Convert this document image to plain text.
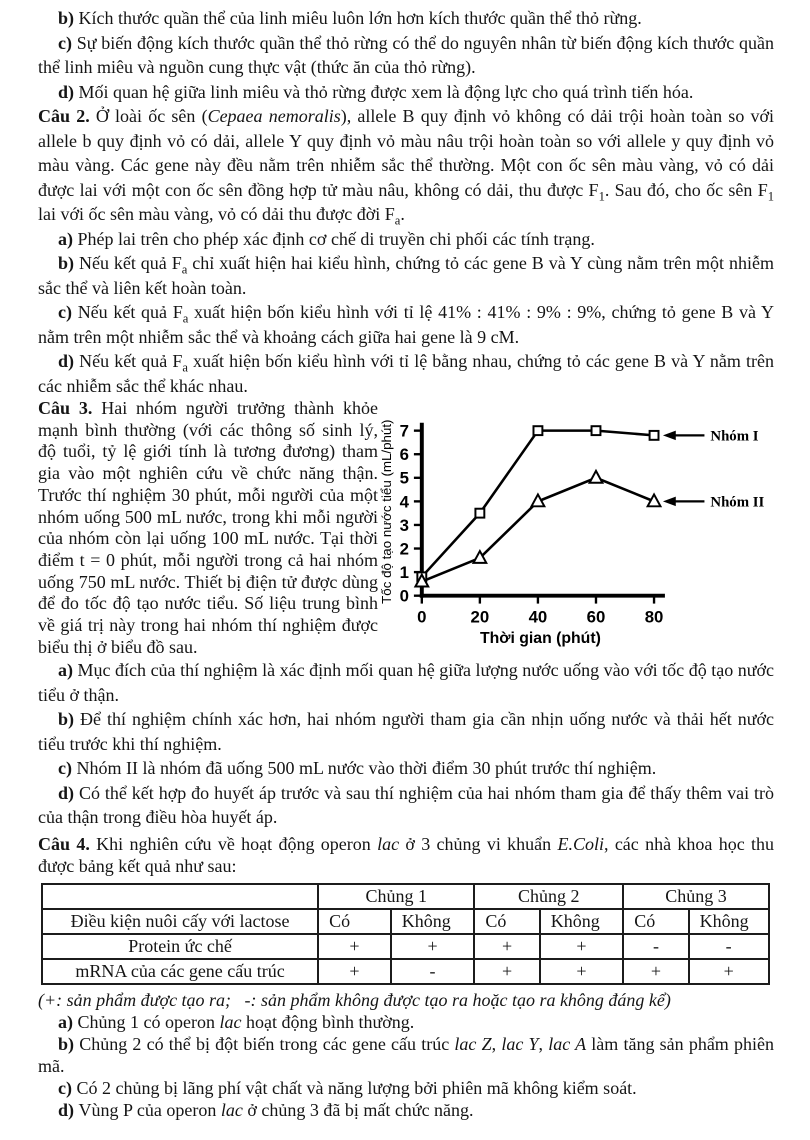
b) Kích thước quần thể của linh miêu luôn lớn hơn kích thước quần thể thỏ rừng.

c) Sự biến động kích thước quần thể thỏ rừng có thể do nguyên nhân từ biến động kích thước quần thể linh miêu và nguồn cung thực vật (thức ăn của thỏ rừng).

d) Mối quan hệ giữa linh miêu và thỏ rừng được xem là động lực cho quá trình tiến hóa.

Câu 2. Ở loài ốc sên (Cepaea nemoralis), allele B quy định vỏ không có dải trội hoàn toàn so với allele b quy định vỏ có dải, allele Y quy định vỏ màu nâu trội hoàn toàn so với allele y quy định vỏ màu vàng. Các gene này đều nằm trên nhiễm sắc thể thường. Một con ốc sên màu vàng, vỏ có dải được lai với một con ốc sên đồng hợp tử màu nâu, không có dải, thu được $F_1$. Sau đó, cho ốc sên $F_1$ lai với ốc sên màu vàng, vỏ có dải thu được đời $F_a$.

a) Phép lai trên cho phép xác định cơ chế di truyền chi phối các tính trạng.

b) Nếu kết quả $F_a$ chỉ xuất hiện hai kiểu hình, chứng tỏ các gene B và Y cùng nằm trên một nhiễm sắc thể và liên kết hoàn toàn.

c) Nếu kết quả $F_a$ xuất hiện bốn kiểu hình với tỉ lệ 41% : 41% : 9% : 9%, chứng tỏ gene B và Y nằm trên một nhiễm sắc thể và khoảng cách giữa hai gene là 9 cM.

d) Nếu kết quả $F_a$ xuất hiện bốn kiểu hình với tỉ lệ bằng nhau, chứng tỏ các gene B và Y nằm trên các nhiễm sắc thể khác nhau.

Câu 3. Hai nhóm người trưởng thành khỏe mạnh bình thường (với các thông số sinh lý, độ tuổi, tỷ lệ giới tính là tương đương) tham gia vào một nghiên cứu về chức năng thận. Trước thí nghiệm 30 phút, mỗi người của một nhóm uống 500 mL nước, trong khi mỗi người của nhóm còn lại uống 100 mL nước. Tại thời điểm t = 0 phút, mỗi người trong cả hai nhóm uống 750 mL nước. Thiết bị điện tử được dùng để đo tốc độ tạo nước tiểu. Số liệu trung bình về giá trị này trong hai nhóm thí nghiệm được biểu thị ở biểu đồ sau.
0
1
2
3
4
5
6
7
0	20 40 60 80
Nhóm I
Nhóm II
Thời gian (phút)
Tốc độ tạo nước tiểu (mL/phút)

a) Mục đích của thí nghiệm là xác định mối quan hệ giữa lượng nước uống vào với tốc độ tạo nước tiểu ở thận.

b) Để thí nghiệm chính xác hơn, hai nhóm người tham gia cần nhịn uống nước và thải hết nước tiểu trước khi thí nghiệm.

c) Nhóm II là nhóm đã uống 500 mL nước vào thời điểm 30 phút trước thí nghiệm.

d) Có thể kết hợp đo huyết áp trước và sau thí nghiệm của hai nhóm tham gia để thấy thêm vai trò của thận trong điều hòa huyết áp.

Câu 4. Khi nghiên cứu về hoạt động operon lac ở 3 chủng vi khuẩn E.Coli, các nhà khoa học thu được bảng kết quả như sau:

	Chủng 1		Chủng 2		Chủng 3	
Điều kiện nuôi cấy với lactose	Có	Không	Có	Không	Có	Không
Protein ức chế	+	+	+	+	-	-
mRNA của các gene cấu trúc	+	-	+	+	+	+

(+: sản phẩm được tạo ra;   -: sản phẩm không được tạo ra hoặc tạo ra không đáng kể)

a) Chủng 1 có operon lac hoạt động bình thường.

b) Chủng 2 có thể bị đột biến trong các gene cấu trúc lac Z, lac Y, lac A làm tăng sản phẩm phiên mã.

c) Có 2 chủng bị lãng phí vật chất và năng lượng bởi phiên mã không kiểm soát.

d) Vùng P của operon lac ở chủng 3 đã bị mất chức năng.
